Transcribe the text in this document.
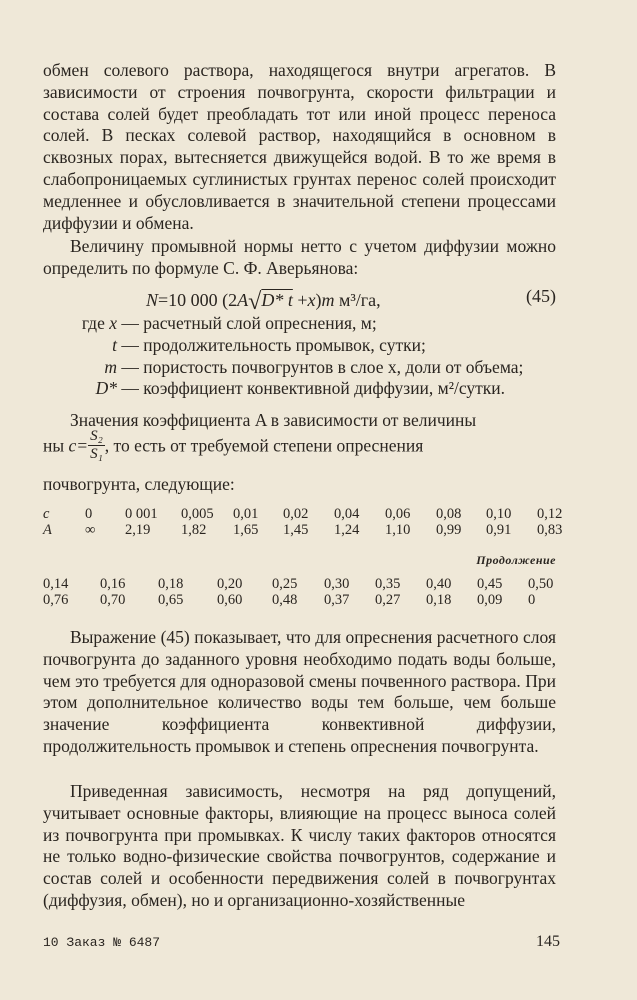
обмен солевого раствора, находящегося внутри агрегатов. В зависимости от строения почвогрунта, скорости фильтрации и состава солей будет преобладать тот или иной процесс переноса солей. В песках солевой раствор, находящийся в основном в сквозных порах, вытесняется движущейся водой. В то же время в слабопроницаемых суглинистых грунтах перенос солей происходит медленнее и обусловливается в значительной степени процессами диффузии и обмена.

Величину промывной нормы нетто с учетом диффузии можно определить по формуле С. Ф. Аверьянова:

N=10 000 (2A√D* t +x)m м³/га,	(45)
где x — расчетный слой опреснения, м;
t — продолжительность промывок, сутки;
m — пористость почвогрунтов в слое x, доли от объема;
D* — коэффициент конвективной диффузии, м²/сутки.

Значения коэффициента A в зависимости от величины

ны $c= \frac{\text{S₂}}{\text{S₁}}$ , то есть от требуемой степени опреснения

почвогрунта, следующие:

c	0	0 001	0,005	0,01	0,02	0,04	0,06	0,08	0,10	0,12
A	∞	2,19	1,82	1,65	1,45	1,24	1,10	0,99	0,91	0,83
Продолжение
0,14	0,16	0,18	0,20	0,25	0,30	0,35	0,40	0,45	0,50
0,76	0,70	0,65	0,60	0,48	0,37	0,27	0,18	0,09	0

Выражение (45) показывает, что для опреснения расчетного слоя почвогрунта до заданного уровня необходимо подать воды больше, чем это требуется для одноразовой смены почвенного раствора. При этом дополнительное количество воды тем больше, чем больше значение коэффициента конвективной диффузии, продолжительность промывок и степень опреснения почвогрунта.

Приведенная зависимость, несмотря на ряд допущений, учитывает основные факторы, влияющие на процесс выноса солей из почвогрунта при промывках. К числу таких факторов относятся не только водно-физические свойства почвогрунтов, содержание и состав солей и особенности передвижения солей в почвогрунтах (диффузия, обмен), но и организационно-хозяйственные

10 Заказ № 6487	145
